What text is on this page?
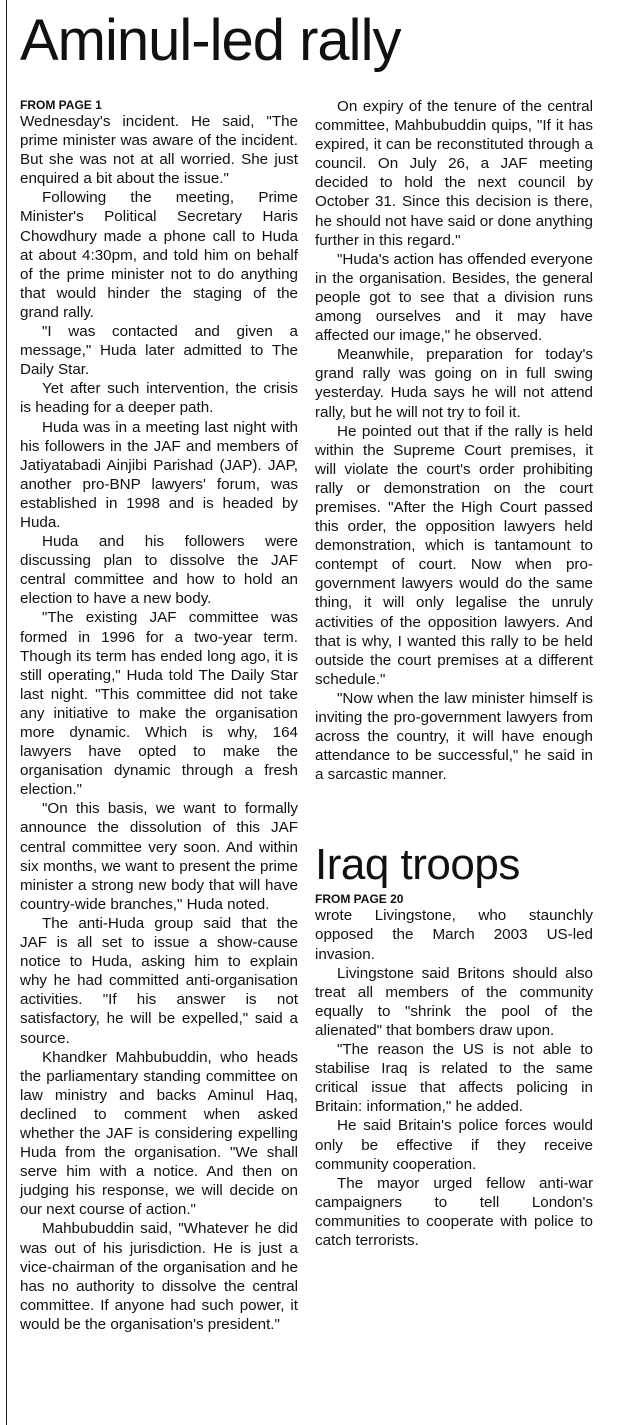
Aminul-led rally

FROM PAGE 1

Wednesday's incident. He said, "The prime minister was aware of the incident. But she was not at all worried. She just enquired a bit about the issue."

Following the meeting, Prime Minister's Political Secretary Haris Chowdhury made a phone call to Huda at about 4:30pm, and told him on behalf of the prime minister not to do anything that would hinder the staging of the grand rally.

"I was contacted and given a message," Huda later admitted to The Daily Star.

Yet after such intervention, the crisis is heading for a deeper path.

Huda was in a meeting last night with his followers in the JAF and members of Jatiyatabadi Ainjibi Parishad (JAP). JAP, another pro-BNP lawyers' forum, was established in 1998 and is headed by Huda.

Huda and his followers were discussing plan to dissolve the JAF central committee and how to hold an election to have a new body.

"The existing JAF committee was formed in 1996 for a two-year term. Though its term has ended long ago, it is still operating," Huda told The Daily Star last night. "This committee did not take any initiative to make the organisation more dynamic. Which is why, 164 lawyers have opted to make the organisation dynamic through a fresh election."

"On this basis, we want to formally announce the dissolution of this JAF central committee very soon. And within six months, we want to present the prime minister a strong new body that will have country-wide branches," Huda noted.

The anti-Huda group said that the JAF is all set to issue a show-cause notice to Huda, asking him to explain why he had committed anti-organisation activities. "If his answer is not satisfactory, he will be expelled," said a source.

Khandker Mahbubuddin, who heads the parliamentary standing committee on law ministry and backs Aminul Haq, declined to comment when asked whether the JAF is considering expelling Huda from the organisation. "We shall serve him with a notice. And then on judging his response, we will decide on our next course of action."

Mahbubuddin said, "Whatever he did was out of his jurisdiction. He is just a vice-chairman of the organisation and he has no authority to dissolve the central committee. If anyone had such power, it would be the organisation's president."

On expiry of the tenure of the central committee, Mahbubuddin quips, "If it has expired, it can be reconstituted through a council. On July 26, a JAF meeting decided to hold the next council by October 31. Since this decision is there, he should not have said or done anything further in this regard."

"Huda's action has offended everyone in the organisation. Besides, the general people got to see that a division runs among ourselves and it may have affected our image," he observed.

Meanwhile, preparation for today's grand rally was going on in full swing yesterday. Huda says he will not attend rally, but he will not try to foil it.

He pointed out that if the rally is held within the Supreme Court premises, it will violate the court's order prohibiting rally or demonstration on the court premises. "After the High Court passed this order, the opposition lawyers held demonstration, which is tantamount to contempt of court. Now when pro-government lawyers would do the same thing, it will only legalise the unruly activities of the opposition lawyers. And that is why, I wanted this rally to be held outside the court premises at a different schedule."

"Now when the law minister himself is inviting the pro-government lawyers from across the country, it will have enough attendance to be successful," he said in a sarcastic manner.

Iraq troops

FROM PAGE 20

wrote Livingstone, who staunchly opposed the March 2003 US-led invasion.

Livingstone said Britons should also treat all members of the community equally to "shrink the pool of the alienated" that bombers draw upon.

"The reason the US is not able to stabilise Iraq is related to the same critical issue that affects policing in Britain: information," he added.

He said Britain's police forces would only be effective if they receive community cooperation.

The mayor urged fellow anti-war campaigners to tell London's communities to cooperate with police to catch terrorists.
